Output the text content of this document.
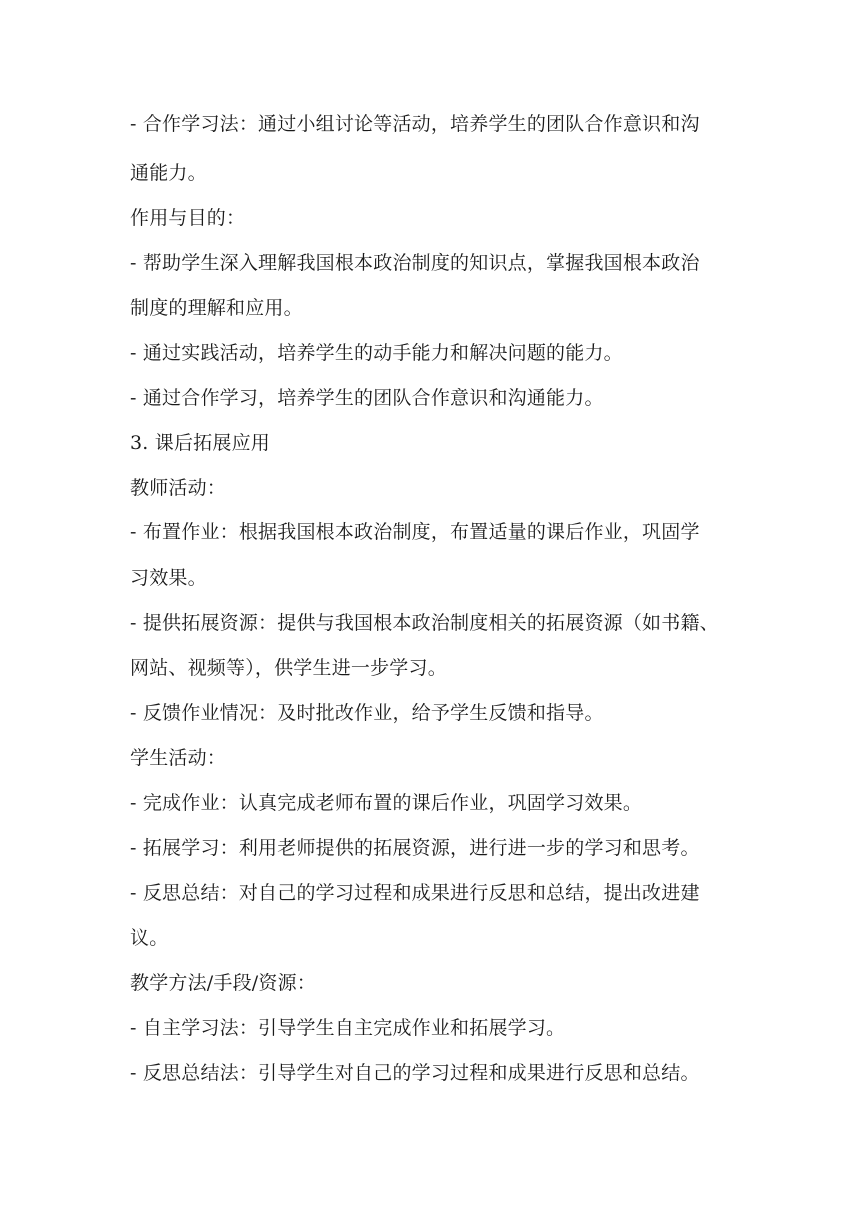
- 合作学习法：通过小组讨论等活动，培养学生的团队合作意识和沟
通能力。
作用与目的：
- 帮助学生深入理解我国根本政治制度的知识点，掌握我国根本政治
制度的理解和应用。
- 通过实践活动，培养学生的动手能力和解决问题的能力。
- 通过合作学习，培养学生的团队合作意识和沟通能力。
3. 课后拓展应用
教师活动：
- 布置作业：根据我国根本政治制度，布置适量的课后作业，巩固学
习效果。
- 提供拓展资源：提供与我国根本政治制度相关的拓展资源（如书籍、
网站、视频等），供学生进一步学习。
- 反馈作业情况：及时批改作业，给予学生反馈和指导。
学生活动：
- 完成作业：认真完成老师布置的课后作业，巩固学习效果。
- 拓展学习：利用老师提供的拓展资源，进行进一步的学习和思考。
- 反思总结：对自己的学习过程和成果进行反思和总结，提出改进建
议。
教学方法/手段/资源：
- 自主学习法：引导学生自主完成作业和拓展学习。
- 反思总结法：引导学生对自己的学习过程和成果进行反思和总结。
